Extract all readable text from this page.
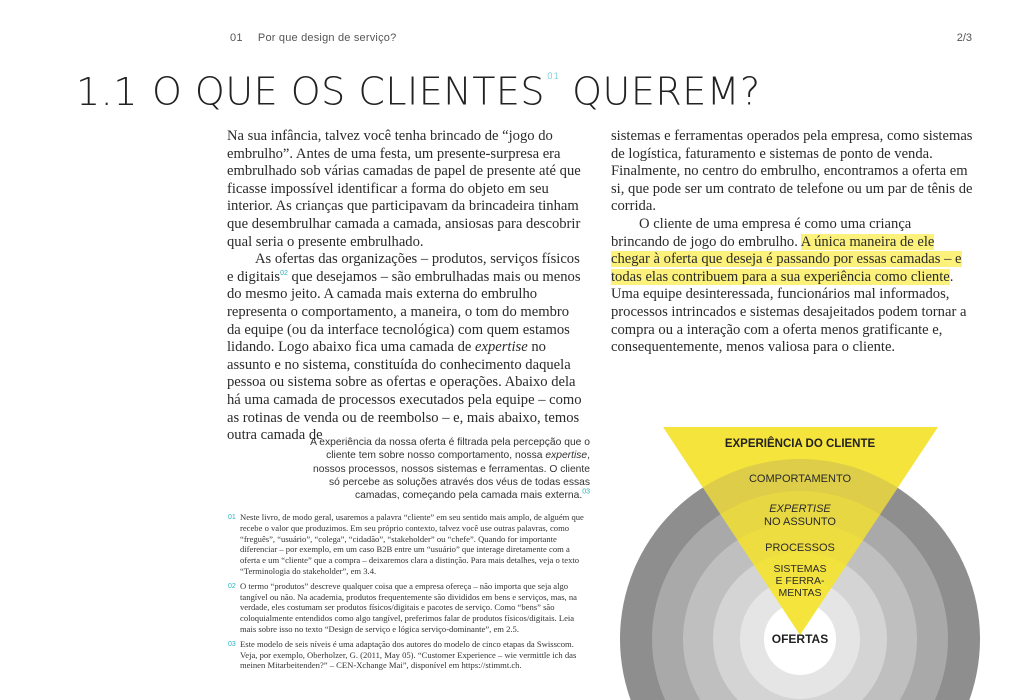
01 Por que design de serviço?	2/3
1.1 O QUE OS CLIENTES $^{01}$ QUEREM?

Na sua infância, talvez você tenha brincado de “jogo do embrulho”. Antes de uma festa, um presente-surpresa era embrulhado sob várias camadas de papel de presente até que ficasse impossível identificar a forma do objeto em seu interior. As crianças que participavam da brincadeira tinham que desembrulhar camada a camada, ansiosas para descobrir qual seria o presente embrulhado.

As ofertas das organizações – produtos, serviços físicos e digitais$^{02}$ que desejamos – são embrulhadas mais ou menos do mesmo jeito. A camada mais externa do embrulho representa o comportamento, a maneira, o tom do membro da equipe (ou da interface tecnológica) com quem estamos lidando. Logo abaixo fica uma camada de expertise no assunto e no sistema, constituída do conhecimento daquela pessoa ou sistema sobre as ofertas e operações. Abaixo dela há uma camada de processos executados pela equipe – como as rotinas de venda ou de reembolso – e, mais abaixo, temos outra camada de

sistemas e ferramentas operados pela empresa, como sistemas de logística, faturamento e sistemas de ponto de venda. Finalmente, no centro do embrulho, encontramos a oferta em si, que pode ser um contrato de telefone ou um par de tênis de corrida.

O cliente de uma empresa é como uma criança brincando de jogo do embrulho. A única maneira de ele chegar à oferta que deseja é passando por essas camadas – e todas elas contribuem para a sua experiência como cliente. Uma equipe desinteressada, funcionários mal informados, processos intrincados e sistemas desajeitados podem tornar a compra ou a interação com a oferta menos gratificante e, consequentemente, menos valiosa para o cliente.

A experiência da nossa oferta é filtrada pela percepção que o cliente tem sobre nosso comportamento, nossa expertise, nossos processos, nossos sistemas e ferramentas. O cliente só percebe as soluções através dos véus de todas essas camadas, começando pela camada mais externa.$^{03}$
01 Neste livro, de modo geral, usaremos a palavra “cliente” em seu sentido mais amplo, de alguém que recebe o valor que produzimos. Em seu próprio contexto, talvez você use outras palavras, como “freguês”, “usuário”, “colega”, “cidadão”, “stakeholder” ou “chefe”. Quando for importante diferenciar – por exemplo, em um caso B2B entre um “usuário” que interage diretamente com a oferta e um “cliente” que a compra – deixaremos clara a distinção. Para mais detalhes, veja o texto “Terminologia do stakeholder”, em 3.4.
02 O termo “produtos” descreve qualquer coisa que a empresa ofereça – não importa que seja algo tangível ou não. Na academia, produtos frequentemente são divididos em bens e serviços, mas, na verdade, eles costumam ser produtos físicos/digitais e pacotes de serviço. Como “bens” são coloquialmente entendidos como algo tangível, preferimos falar de produtos físicos/digitais. Leia mais sobre isso no texto “Design de serviço e lógica serviço-dominante”, em 2.5.
03 Este modelo de seis níveis é uma adaptação dos autores do modelo de cinco etapas da Swisscom. Veja, por exemplo, Oberholzer, G. (2011, May 05). “Customer Experience – wie vermittle ich das meinen Mitarbeitenden?” – CEN-Xchange Mai”, disponível em https://stimmt.ch.
EXPERIÊNCIA DO CLIENTE
COMPORTAMENTO
EXPERTISE
NO ASSUNTO
PROCESSOS
SISTEMAS
E FERRA-
MENTAS
OFERTAS
